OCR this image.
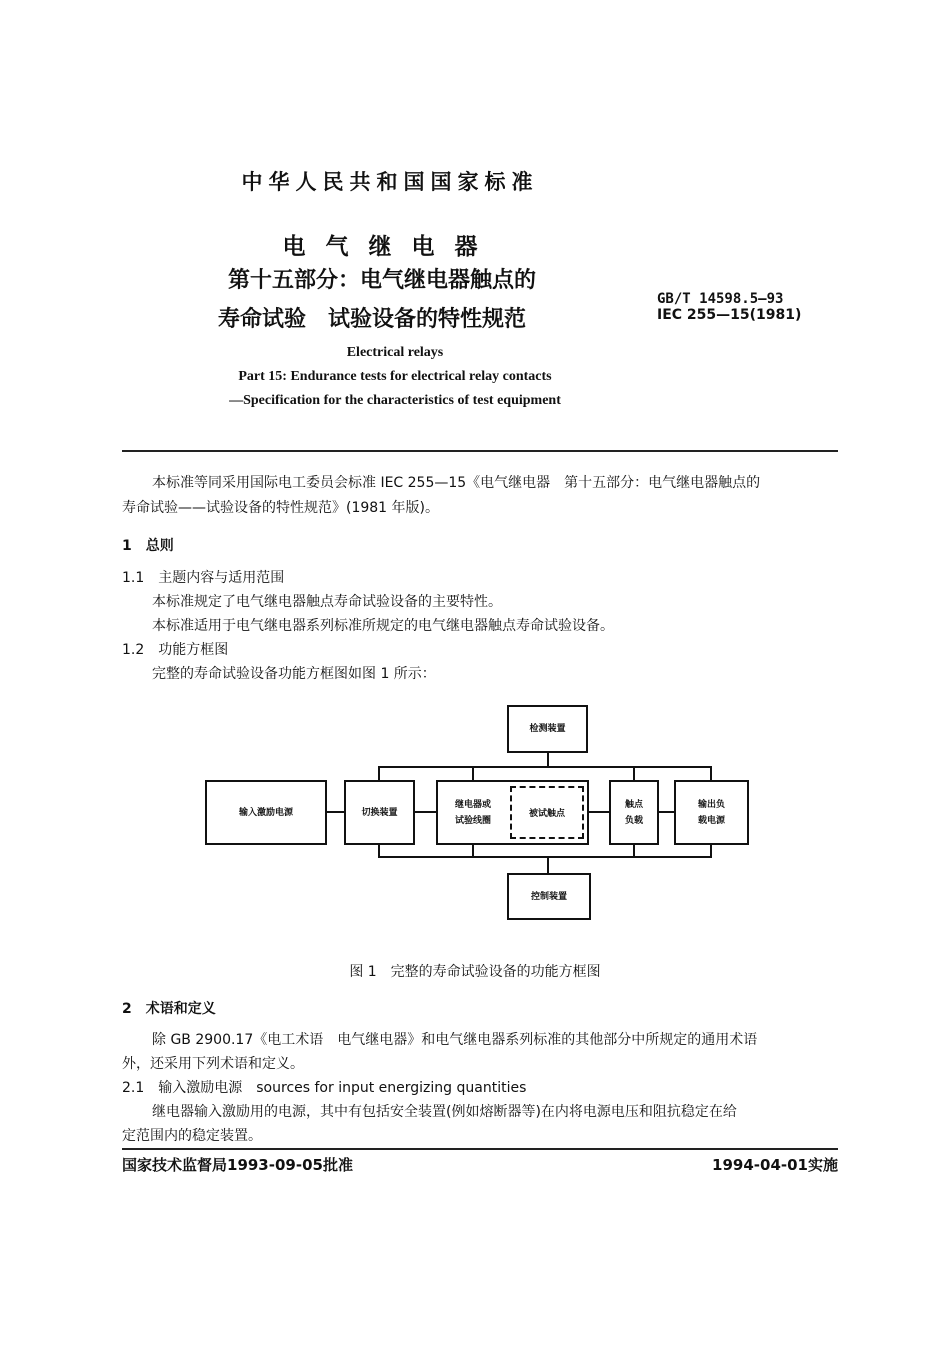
中华人民共和国国家标准
电气继电器
第十五部分：电气继电器触点的
寿命试验　试验设备的特性规范
GB/T 14598.5—93
IEC 255—15(1981)
Electrical relays
Part 15: Endurance tests for electrical relay contacts
—Specification for the characteristics of test equipment
本标准等同采用国际电工委员会标准 IEC 255—15《电气继电器　第十五部分：电气继电器触点的
寿命试验——试验设备的特性规范》(1981 年版)。
1　总则
1.1　主题内容与适用范围
本标准规定了电气继电器触点寿命试验设备的主要特性。
本标准适用于电气继电器系列标准所规定的电气继电器触点寿命试验设备。
1.2　功能方框图
完整的寿命试验设备功能方框图如图 1 所示：
检测装置
输入激励电源	切换装置
继电器或
试验线圈
被试触点
触点
负载
输出负
载电源
控制装置
图 1　完整的寿命试验设备的功能方框图
2　术语和定义
除 GB 2900.17《电工术语　电气继电器》和电气继电器系列标准的其他部分中所规定的通用术语
外，还采用下列术语和定义。
2.1　输入激励电源　sources for input energizing quantities
继电器输入激励用的电源，其中有包括安全装置(例如熔断器等)在内将电源电压和阻抗稳定在给
定范围内的稳定装置。
国家技术监督局1993-09-05批准	1994-04-01实施
